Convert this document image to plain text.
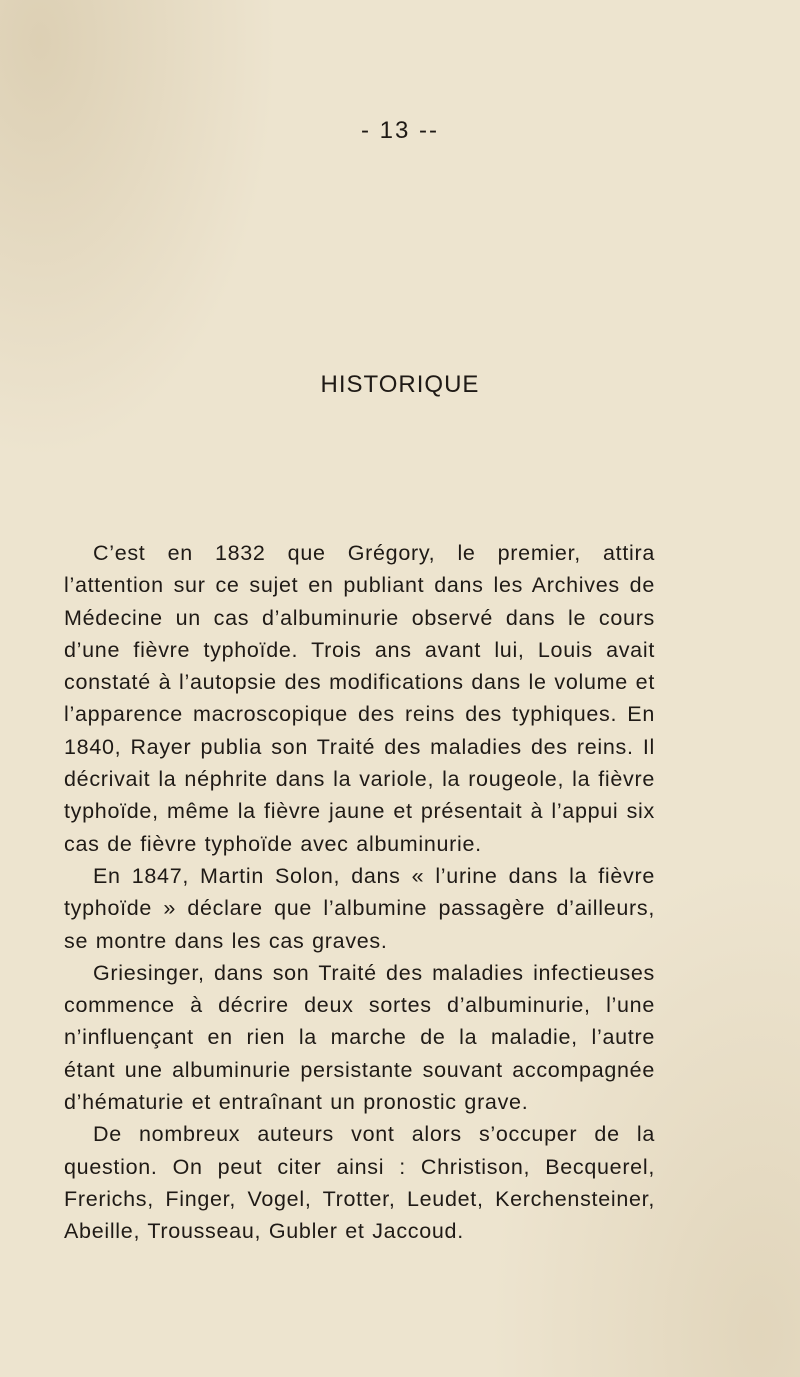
- 13 --
HISTORIQUE

C’est en 1832 que Grégory, le premier, attira l’attention sur ce sujet en publiant dans les Archives de Médecine un cas d’albuminurie observé dans le cours d’une fièvre typhoïde. Trois ans avant lui, Louis avait constaté à l’autopsie des modifications dans le volume et l’apparence macroscopique des reins des typhiques. En 1840, Rayer publia son Traité des maladies des reins. Il décrivait la néphrite dans la variole, la rougeole, la fièvre typhoïde, même la fièvre jaune et présentait à l’appui six cas de fièvre typhoïde avec albuminurie.

En 1847, Martin Solon, dans « l’urine dans la fièvre typhoïde » déclare que l’albumine passagère d’ailleurs, se montre dans les cas graves.

Griesinger, dans son Traité des maladies infectieuses commence à décrire deux sortes d’albuminurie, l’une n’influençant en rien la marche de la maladie, l’autre étant une albuminurie persistante souvant accompagnée d’hématurie et entraînant un pronostic grave.

De nombreux auteurs vont alors s’occuper de la question. On peut citer ainsi : Christison, Becquerel, Frerichs, Finger, Vogel, Trotter, Leudet, Kerchensteiner, Abeille, Trousseau, Gubler et Jaccoud.
